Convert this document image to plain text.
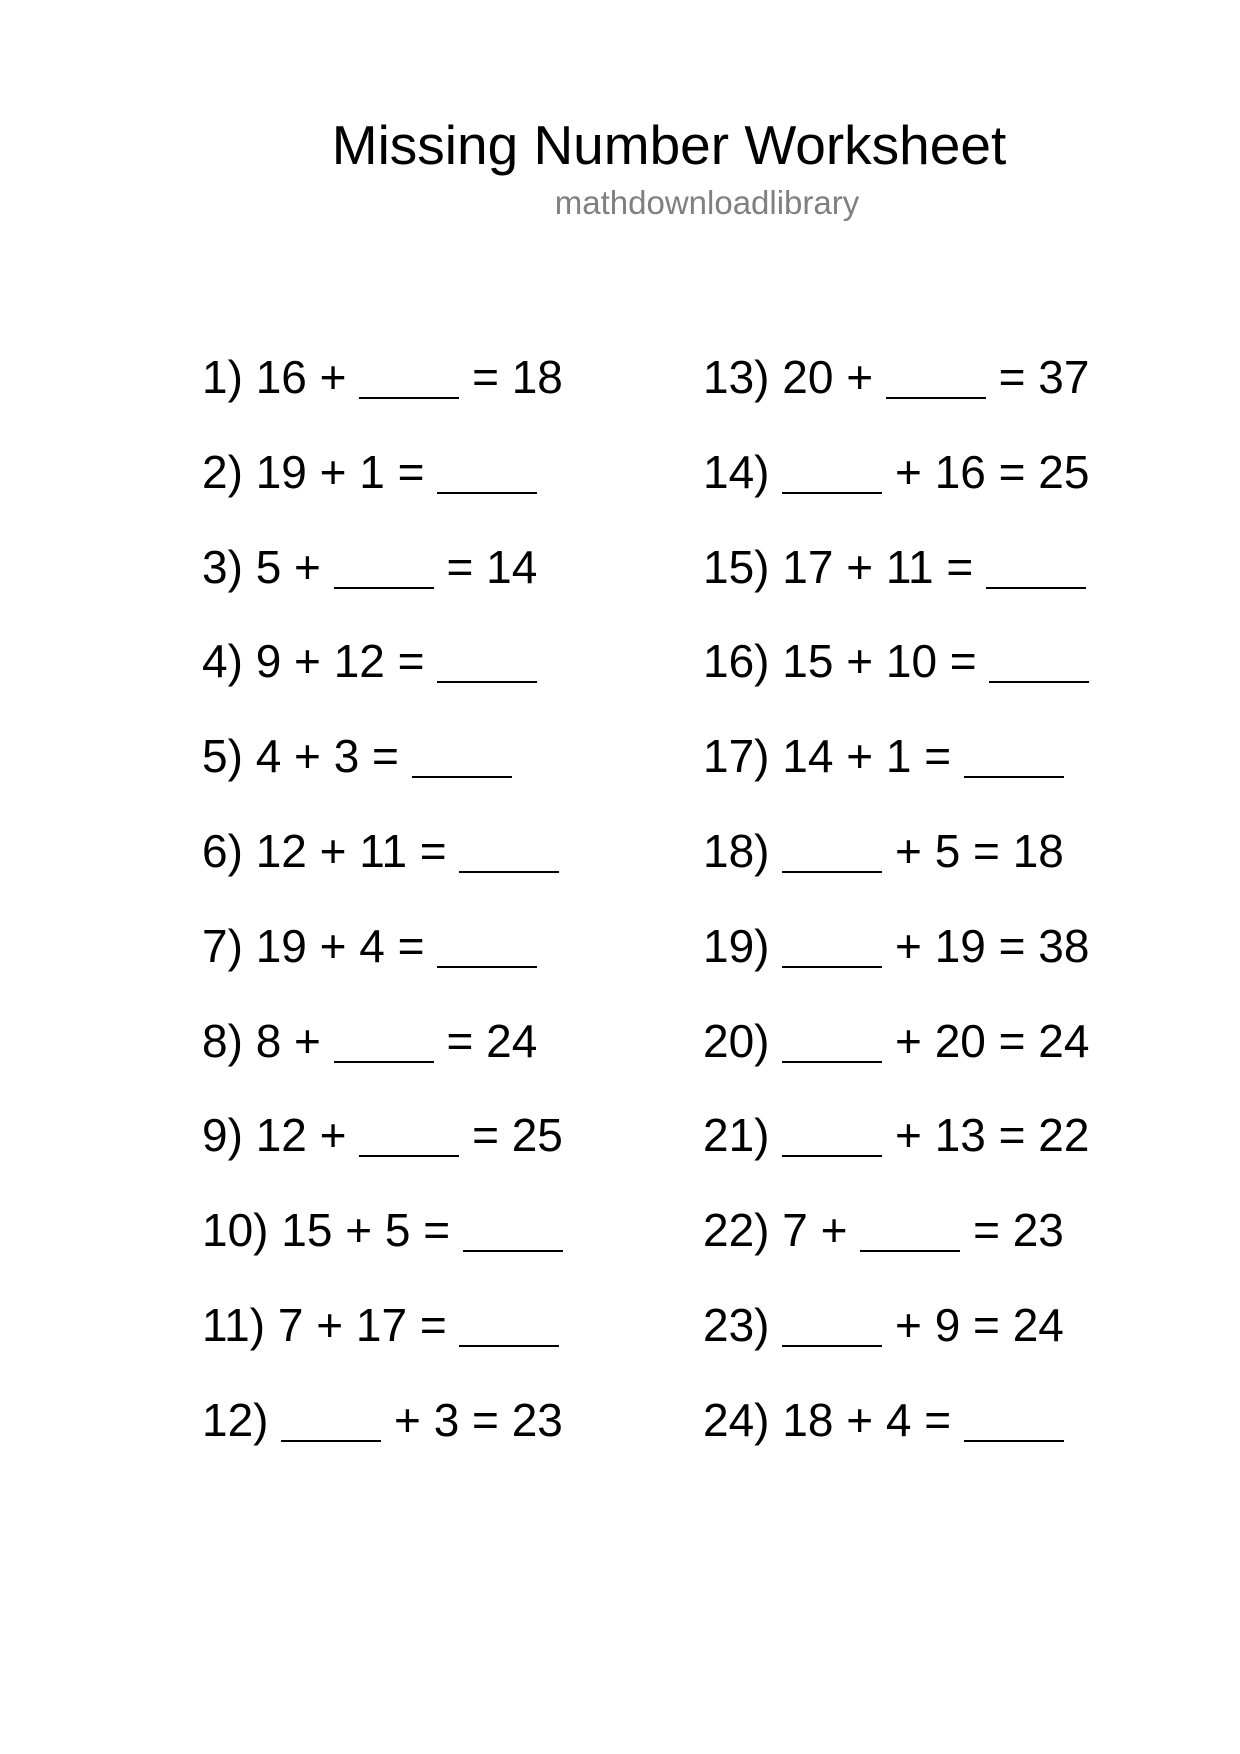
Missing Number Worksheet
mathdownloadlibrary
1) 16 +	= 18
2) 19 + 1 =
3) 5 +	= 14
4) 9 + 12 =
5) 4 + 3 =
6) 12 + 11 =
7) 19 + 4 =
8) 8 +	= 24
9) 12 +	= 25
10) 15 + 5 =
11) 7 + 17 =
12)	+ 3 = 23
13) 20 +	= 37
14)	+ 16 = 25
15) 17 + 11 =
16) 15 + 10 =
17) 14 + 1 =
18)	+ 5 = 18
19)	+ 19 = 38
20)	+ 20 = 24
21)	+ 13 = 22
22) 7 +	= 23
23)	+ 9 = 24
24) 18 + 4 =
